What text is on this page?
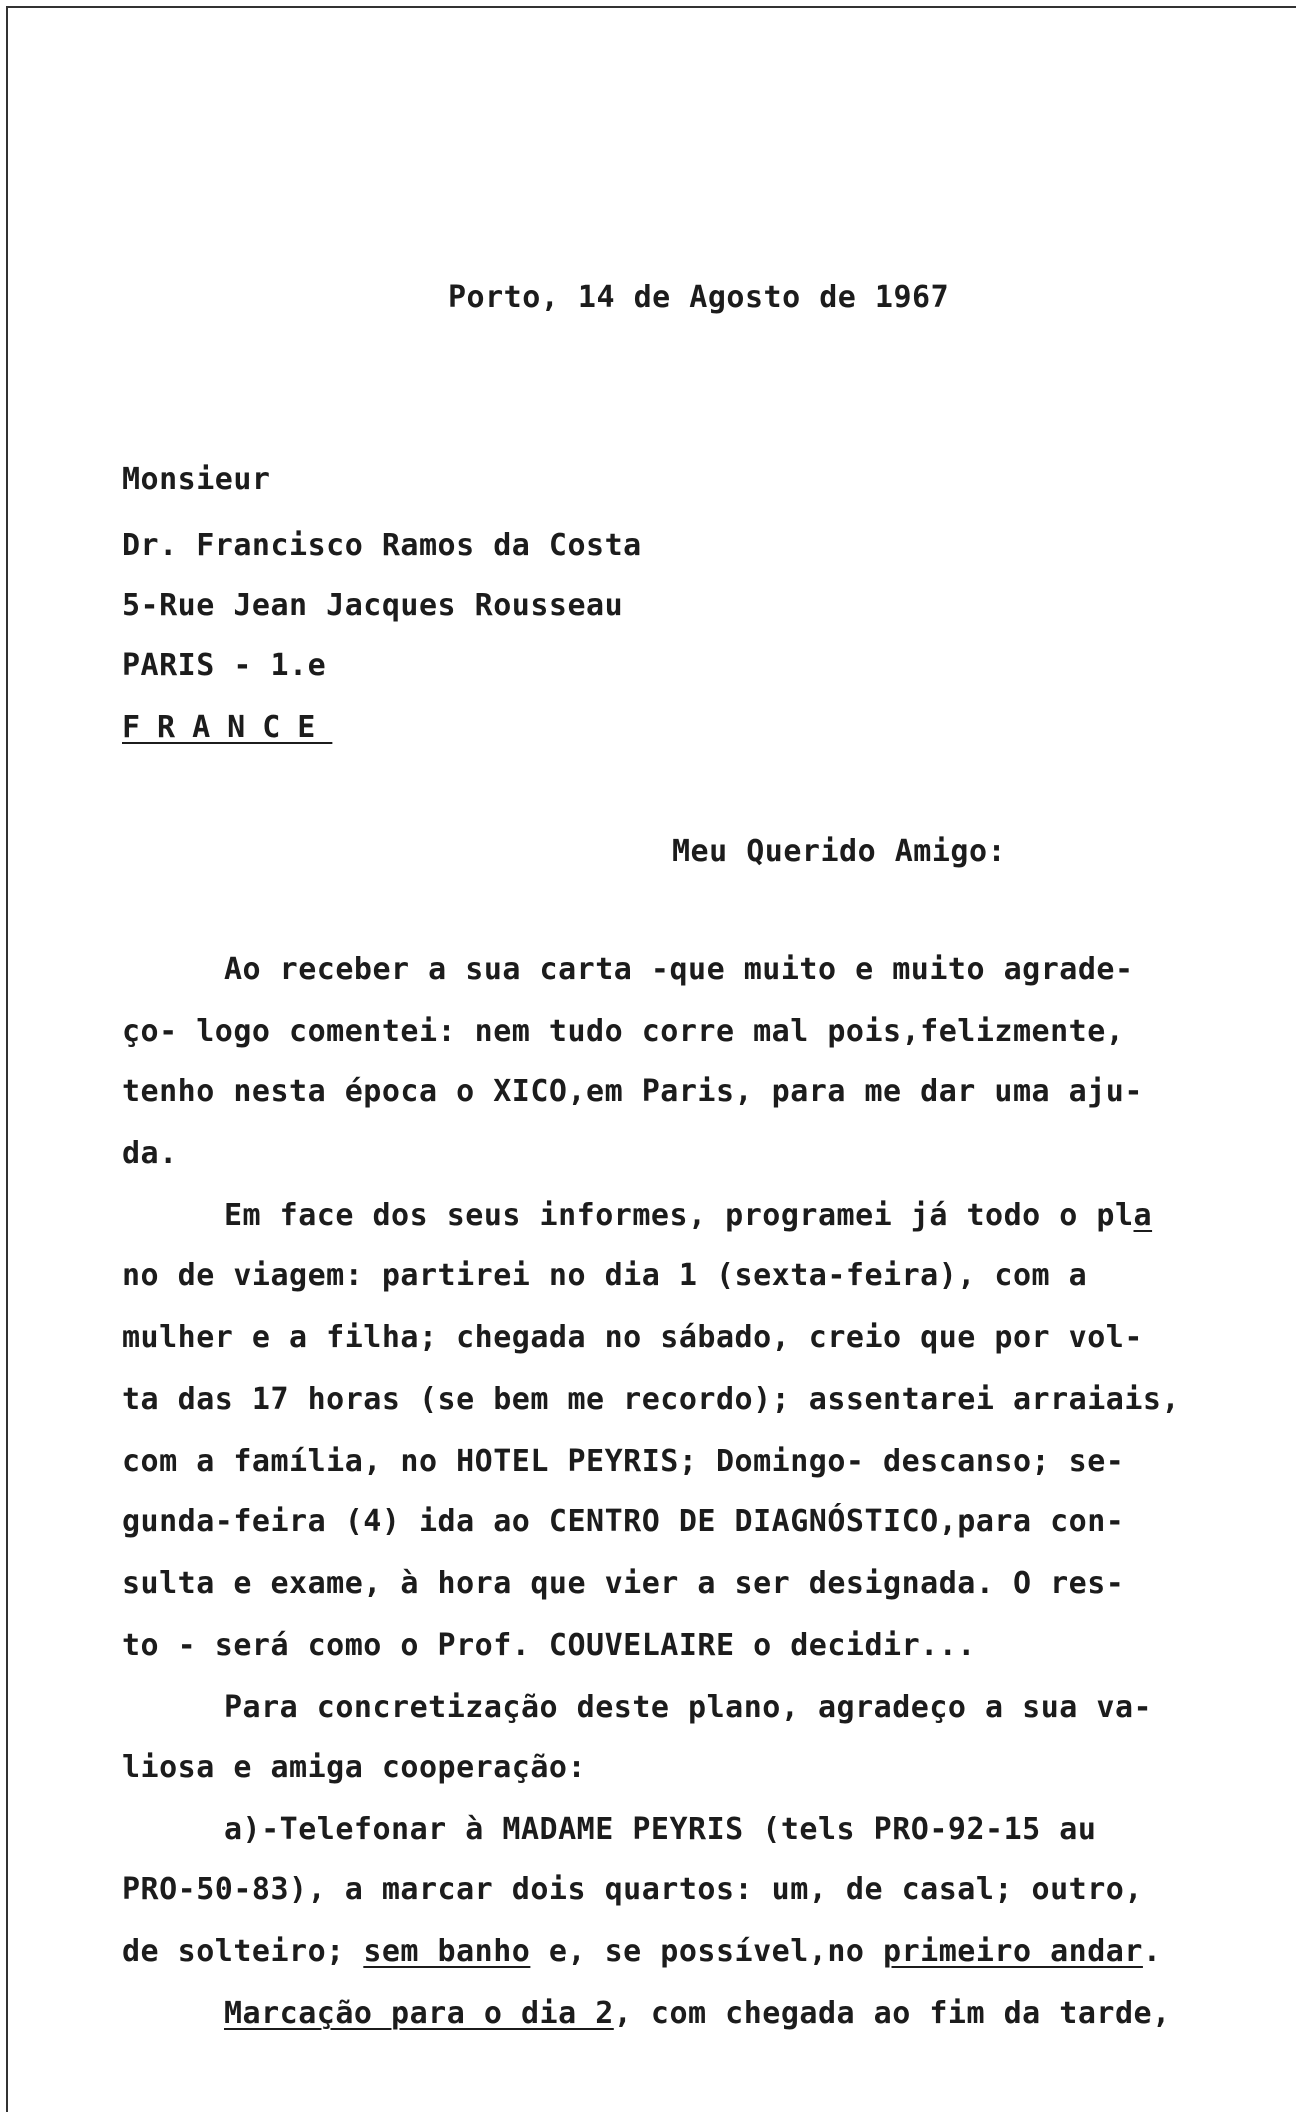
Porto, 14 de Agosto de 1967
Monsieur
Dr. Francisco Ramos da Costa
5-Rue Jean Jacques Rousseau
PARIS - 1.e
FRANCE
Meu Querido Amigo:
Ao receber a sua carta -que muito e muito agrade-
ço- logo comentei: nem tudo corre mal pois,felizmente,
tenho nesta época o XICO,em Paris, para me dar uma aju-
da.
Em face dos seus informes, programei já todo o pla
no de viagem: partirei no dia 1 (sexta-feira), com a
mulher e a filha; chegada no sábado, creio que por vol-
ta das 17 horas (se bem me recordo); assentarei arraiais,
com a família, no HOTEL PEYRIS; Domingo- descanso; se-
gunda-feira (4) ida ao CENTRO DE DIAGNÓSTICO,para con-
sulta e exame, à hora que vier a ser designada. O res-
to - será como o Prof. COUVELAIRE o decidir...
Para concretização deste plano, agradeço a sua va-
liosa e amiga cooperação:
a)-Telefonar à MADAME PEYRIS (tels PRO-92-15 au
PRO-50-83), a marcar dois quartos: um, de casal; outro,
de solteiro; sem banho e, se possível,no primeiro andar.
Marcação para o dia 2, com chegada ao fim da tarde,
